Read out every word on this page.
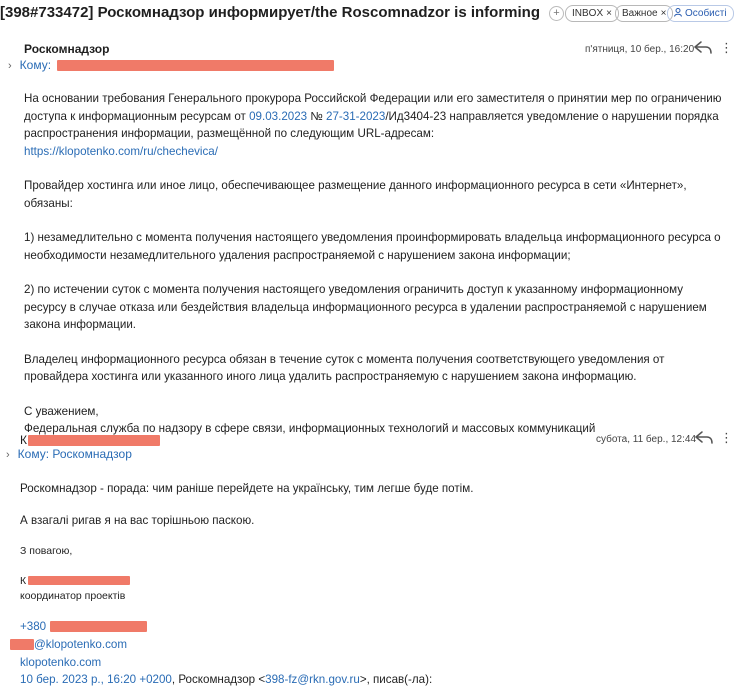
[398#733472] Роскомнадзор информирует/the Roscomnadzor is informing	+	INBOX ×	Важное ×	Особисті
Роскомнадзор	п'ятниця, 10 бер., 16:20 ⋮
› Кому:

На основании требования Генерального прокурора Российской Федерации или его заместителя о принятии мер по ограничению доступа к информационным ресурсам от 09.03.2023 № 27-31-2023/Ид3404-23 направляется уведомление о нарушении порядка распространения информации, размещённой по следующим URL-адресам:
https://klopotenko.com/ru/chechevica/

Провайдер хостинга или иное лицо, обеспечивающее размещение данного информационного ресурса в сети «Интернет», обязаны:

1) незамедлительно с момента получения настоящего уведомления проинформировать владельца информационного ресурса о необходимости незамедлительного удаления распространяемой с нарушением закона информации;

2) по истечении суток с момента получения настоящего уведомления ограничить доступ к указанному информационному ресурсу в случае отказа или бездействия владельца информационного ресурса в удалении распространяемой с нарушением закона информации.

Владелец информационного ресурса обязан в течение суток с момента получения соответствующего уведомления от провайдера хостинга или указанного иного лица удалить распространяемую с нарушением закона информацию.

С уважением,
Федеральная служба по надзору в сфере связи, информационных технологий и массовых коммуникаций

К	субота, 11 бер., 12:44 ⋮
› Кому: Роскомнадзор
Роскомнадзор - порада: чим раніше перейдете на українську, тим легше буде потім.
А взагалі ригав я на вас торішньою паскою.
З повагою,
К
координатор проектів
+380
@klopotenko.com
klopotenko.com
10 бер. 2023 р., 16:20 +0200, Роскомнадзор <398-fz@rkn.gov.ru>, писав(-ла):
